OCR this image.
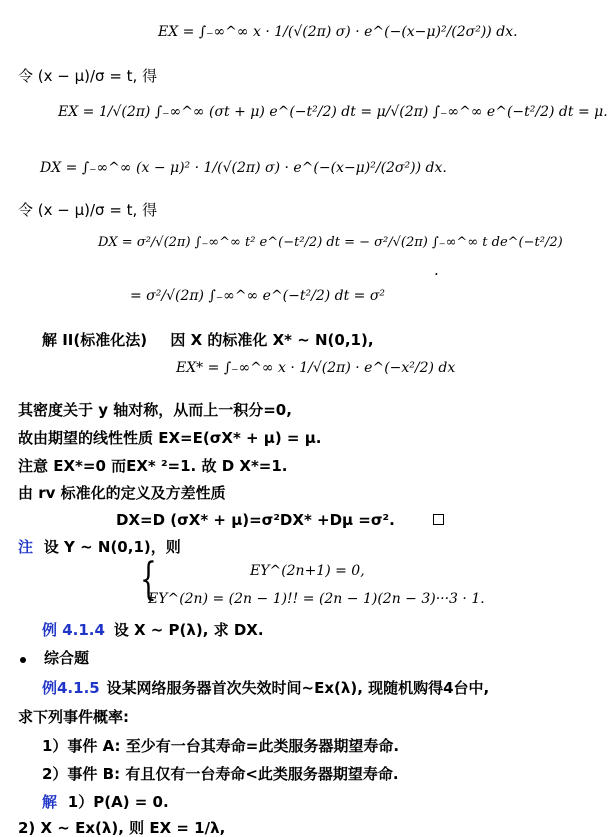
EX = ∫₋∞^∞ x · 1/(√(2π) σ) · e^(−(x−μ)²/(2σ²)) dx.
令 (x − μ)/σ = t, 得
EX = 1/√(2π) ∫₋∞^∞ (σt + μ) e^(−t²/2) dt = μ/√(2π) ∫₋∞^∞ e^(−t²/2) dt = μ.
DX = ∫₋∞^∞ (x − μ)² · 1/(√(2π) σ) · e^(−(x−μ)²/(2σ²)) dx.
令 (x − μ)/σ = t, 得
DX = σ²/√(2π) ∫₋∞^∞ t² e^(−t²/2) dt = − σ²/√(2π) ∫₋∞^∞ t de^(−t²/2)
.
= σ²/√(2π) ∫₋∞^∞ e^(−t²/2) dt = σ²
解 II(标准化法) 因 X 的标准化 X* ~ N(0,1),
EX* = ∫₋∞^∞ x · 1/√(2π) · e^(−x²/2) dx
其密度关于 y 轴对称，从而上一积分=0,
故由期望的线性性质 EX=E(σX* + μ) = μ.
注意 EX*=0 而EX* ²=1. 故 D X*=1.
由 rv 标准化的定义及方差性质
DX=D (σX* + μ)=σ²DX* +Dμ =σ².
注 设 Y ~ N(0,1)，则
{	EY^(2n+1) = 0,
EY^(2n) = (2n − 1)!! = (2n − 1)(2n − 3)···3 · 1.
例 4.1.4 设 X ~ P(λ), 求 DX.
综合题
例4.1.5 设某网络服务器首次失效时间~Ex(λ), 现随机购得4台中,
求下列事件概率:
1）事件 A: 至少有一台其寿命=此类服务器期望寿命.
2）事件 B: 有且仅有一台寿命<此类服务器期望寿命.
解 1）P(A) = 0.
2) X ~ Ex(λ), 则 EX = 1/λ,
